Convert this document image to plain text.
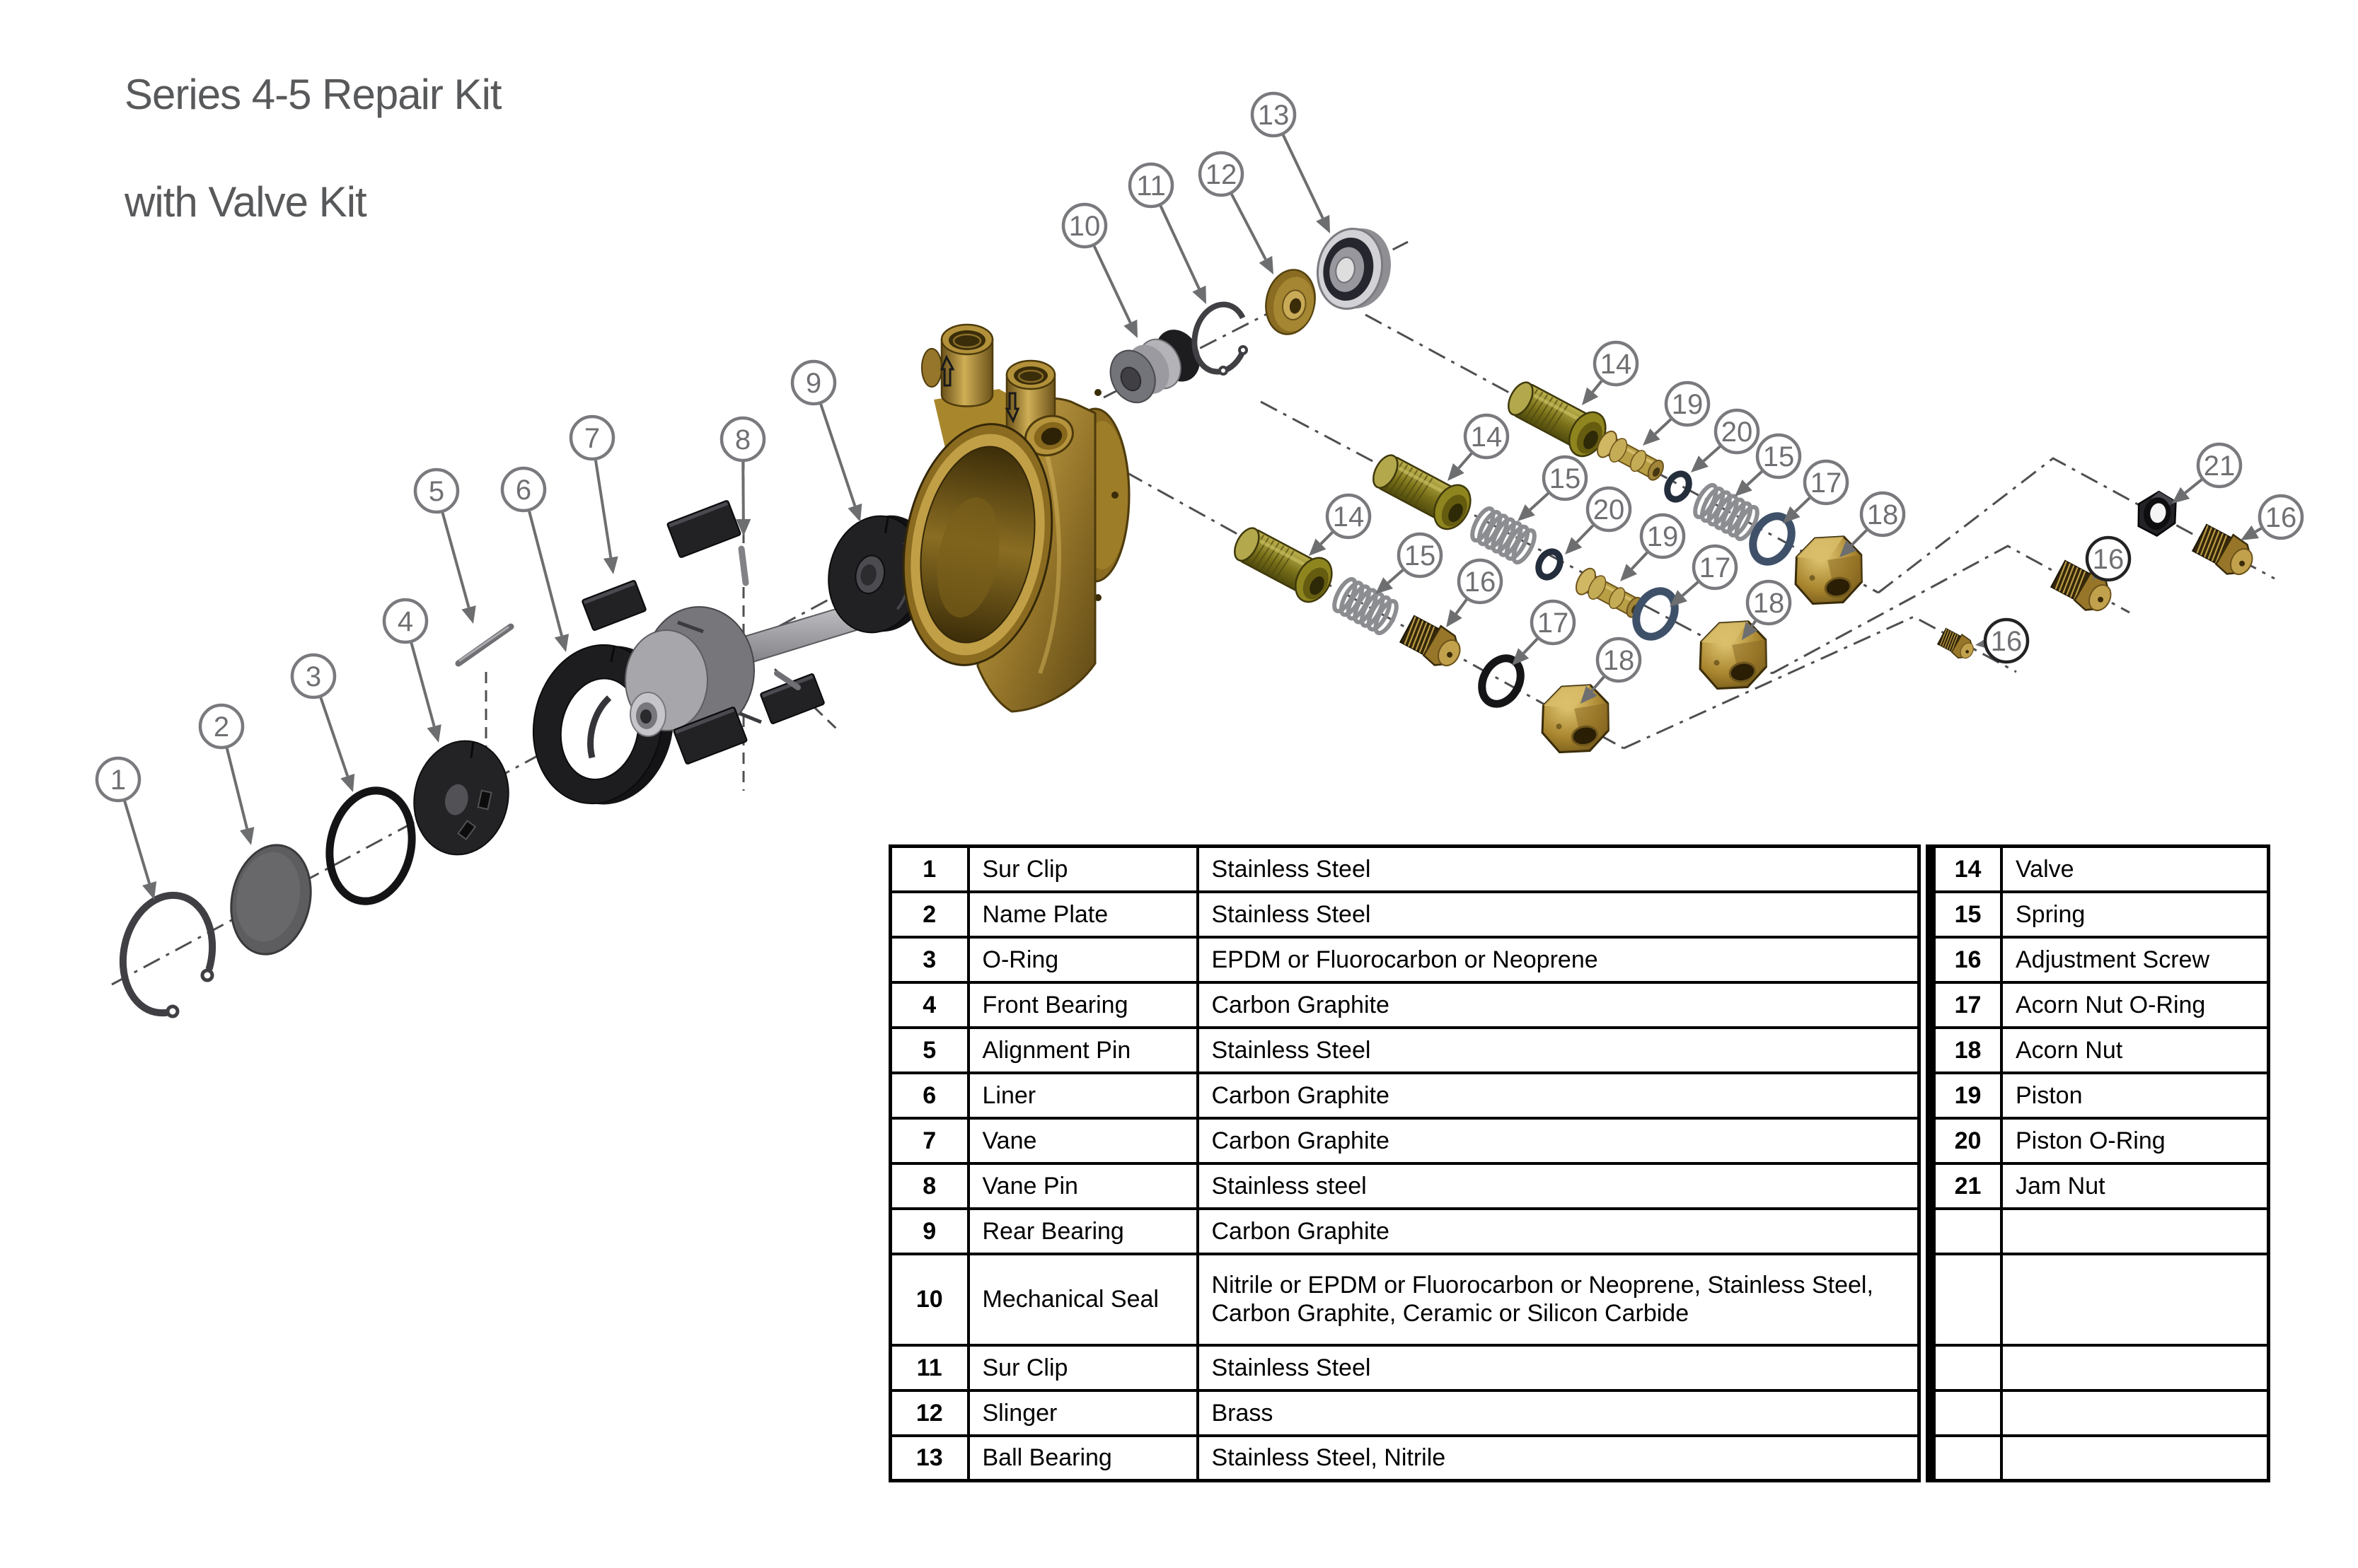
1
2
3
4
5	6
7	8
9
10
11 12
13
14
19
20
15
17
18
14
15
20
19
17
18
14
15
16
17
18
21
16
16
16
Series 4-5 Repair Kit

with Valve Kit
1	Sur Clip	Stainless Steel
2	Name Plate	Stainless Steel
3	O-Ring	EPDM or Fluorocarbon or Neoprene
4	Front Bearing	Carbon Graphite
5	Alignment Pin	Stainless Steel
6	Liner	Carbon Graphite
7	Vane	Carbon Graphite
8	Vane Pin	Stainless steel
9	Rear Bearing	Carbon Graphite
10	Mechanical Seal	Nitrile or EPDM or Fluorocarbon or Neoprene, Stainless Steel, Carbon Graphite, Ceramic or Silicon Carbide
11	Sur Clip	Stainless Steel
12	Slinger	Brass
13	Ball Bearing	Stainless Steel, Nitrile
14	Valve
15	Spring
16	Adjustment Screw
17	Acorn Nut O-Ring
18	Acorn Nut
19	Piston
20	Piston O-Ring
21	Jam Nut
